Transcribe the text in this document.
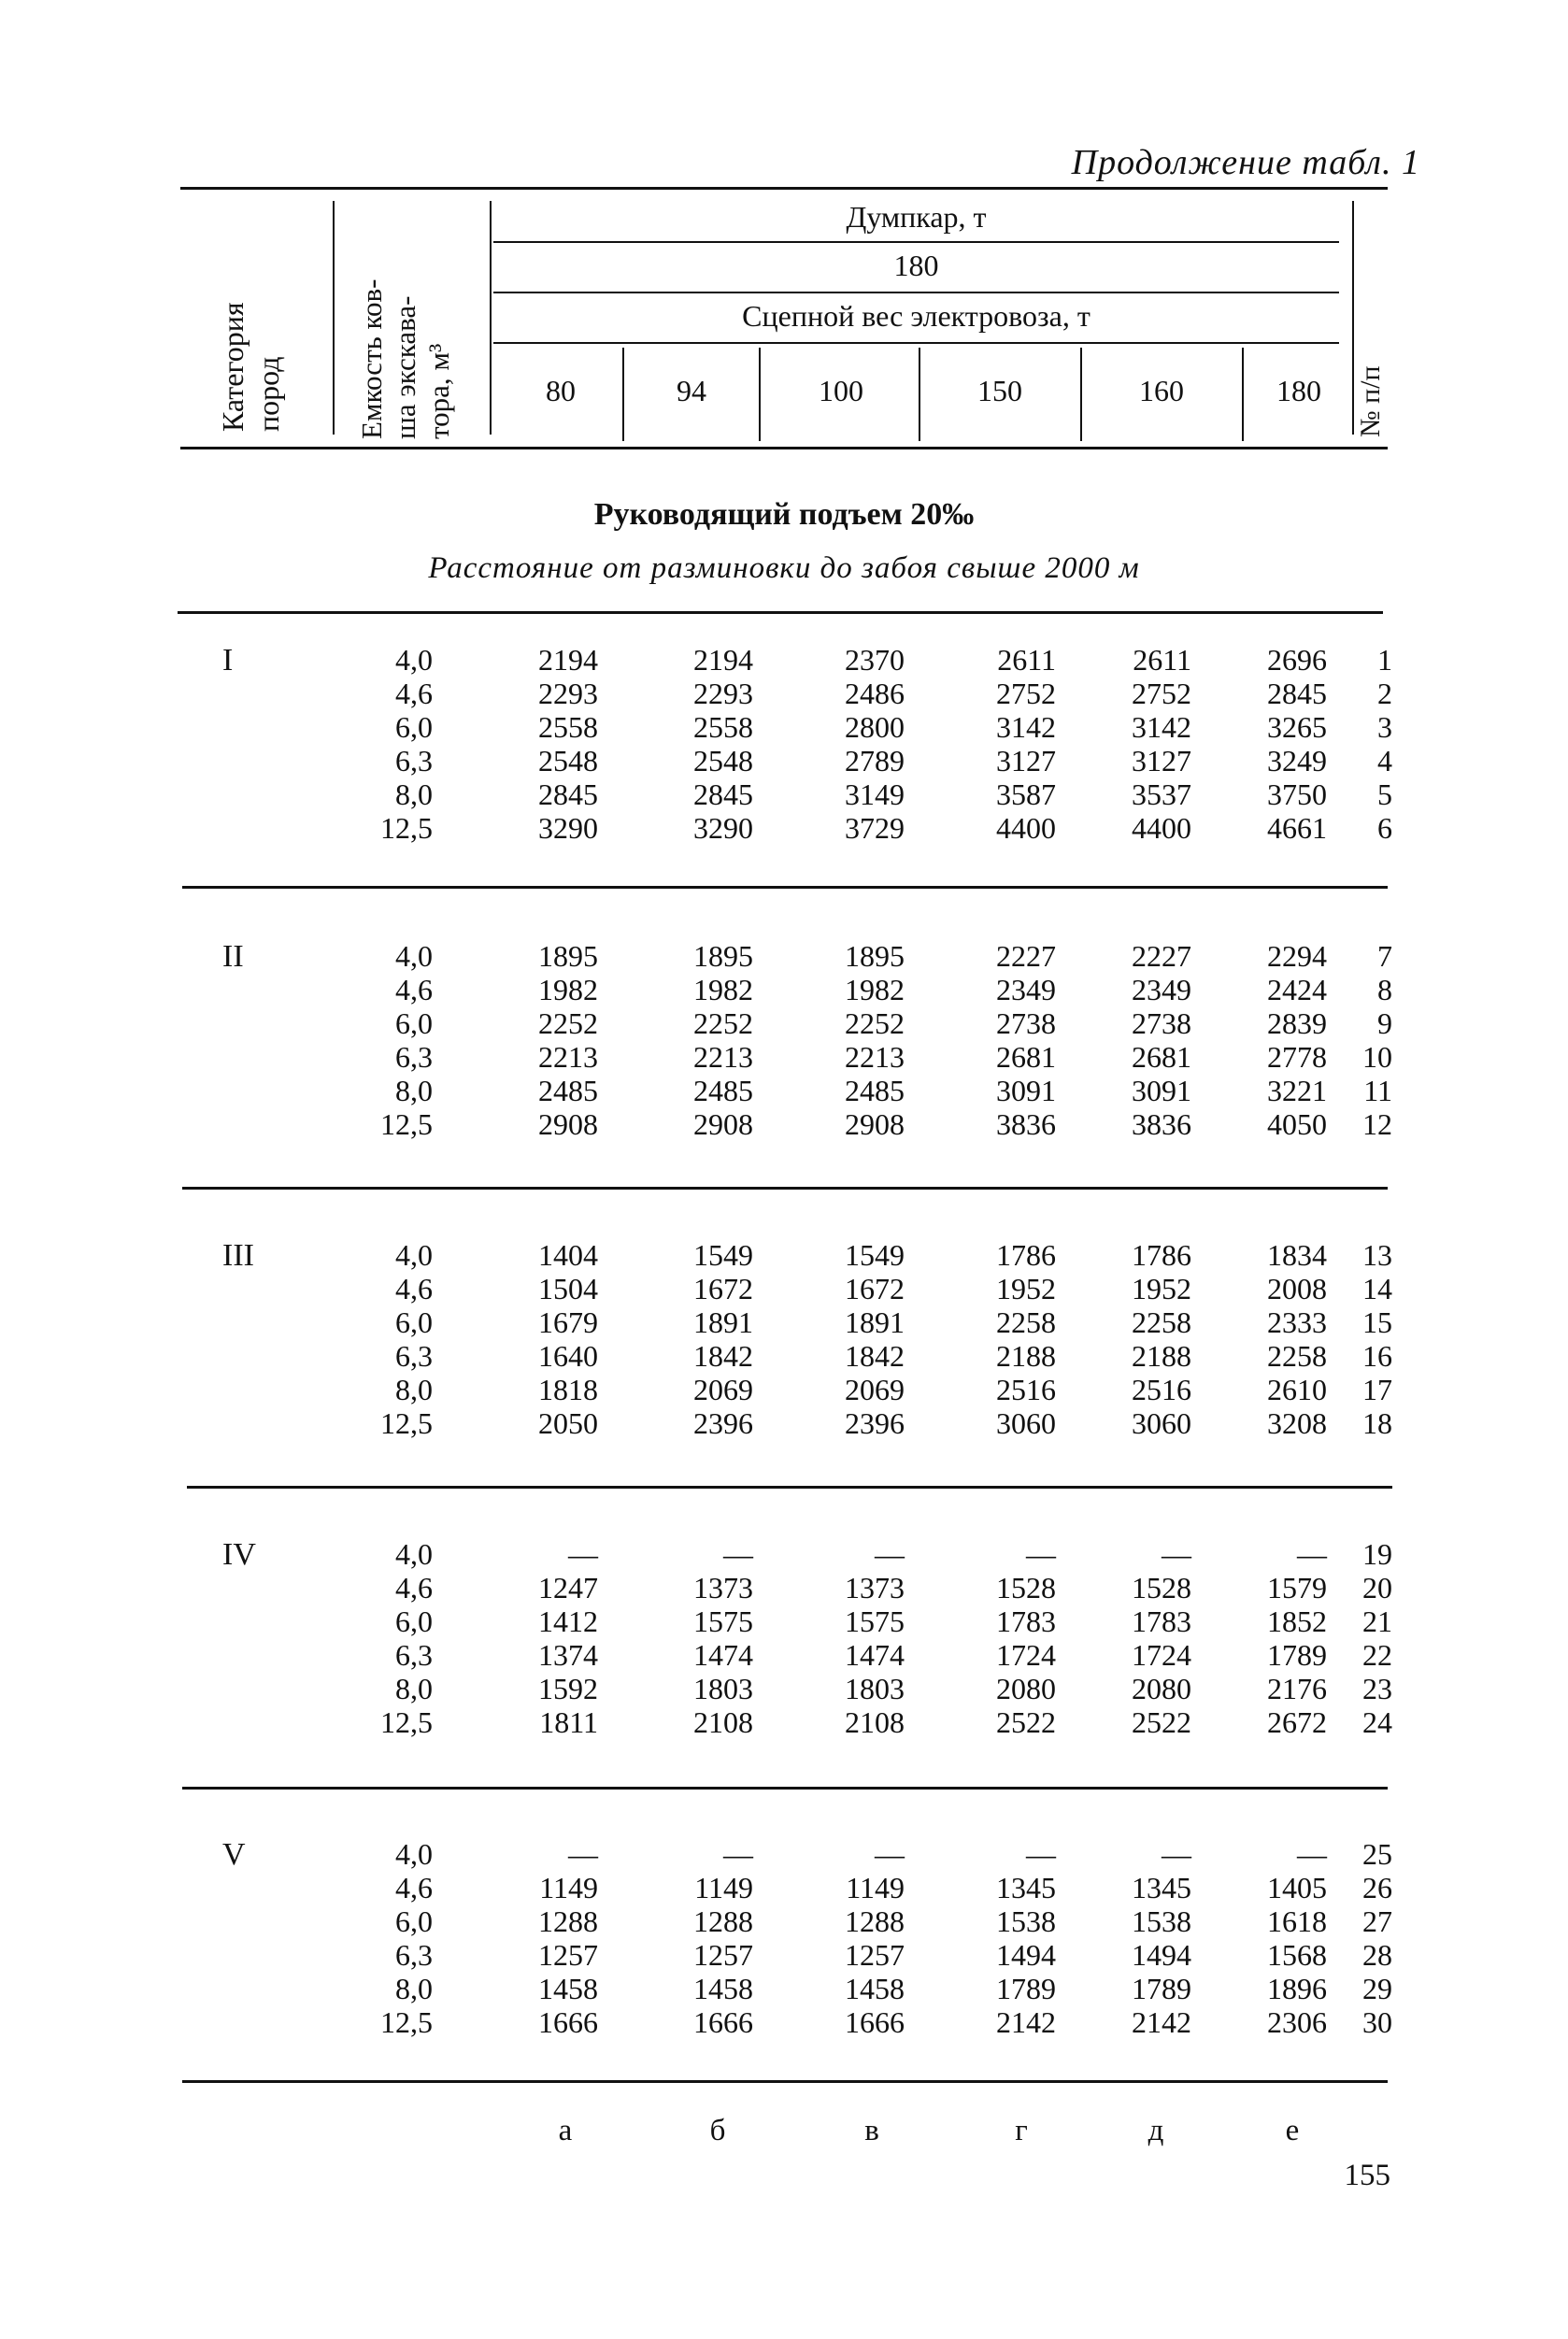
Продолжение табл. 1
Категория пород Емкость ков- ша экскава- тора, м³	№ п/п
Думпкар, т
180
Сцепной вес электровоза, т
80	94	100	150	160	180
Руководящий подъем 20‰
Расстояние от разминовки до забоя свыше 2000 м
I	4,0	2194	2194	2370	2611	2611	2696	1
4,6	2293	2293	2486	2752	2752	2845	2
6,0	2558	2558	2800	3142	3142	3265	3
6,3	2548	2548	2789	3127	3127	3249	4
8,0	2845	2845	3149	3587	3537	3750	5
12,5	3290	3290	3729	4400	4400	4661	6
II	4,0	1895	1895	1895	2227	2227	2294	7
4,6	1982	1982	1982	2349	2349	2424	8
6,0	2252	2252	2252	2738	2738	2839	9
6,3	2213	2213	2213	2681	2681	2778	10
8,0	2485	2485	2485	3091	3091	3221	11
12,5	2908	2908	2908	3836	3836	4050	12
III	4,0	1404	1549	1549	1786	1786	1834	13
4,6	1504	1672	1672	1952	1952	2008	14
6,0	1679	1891	1891	2258	2258	2333	15
6,3	1640	1842	1842	2188	2188	2258	16
8,0	1818	2069	2069	2516	2516	2610	17
12,5	2050	2396	2396	3060	3060	3208	18
IV	4,0	—	—	—	—	—	—	19
4,6	1247	1373	1373	1528	1528	1579	20
6,0	1412	1575	1575	1783	1783	1852	21
6,3	1374	1474	1474	1724	1724	1789	22
8,0	1592	1803	1803	2080	2080	2176	23
12,5	1811	2108	2108	2522	2522	2672	24
V	4,0	—	—	—	—	—	—	25
4,6	1149	1149	1149	1345	1345	1405	26
6,0	1288	1288	1288	1538	1538	1618	27
6,3	1257	1257	1257	1494	1494	1568	28
8,0	1458	1458	1458	1789	1789	1896	29
12,5	1666	1666	1666	2142	2142	2306	30
а	б	в	г	д	е
155
